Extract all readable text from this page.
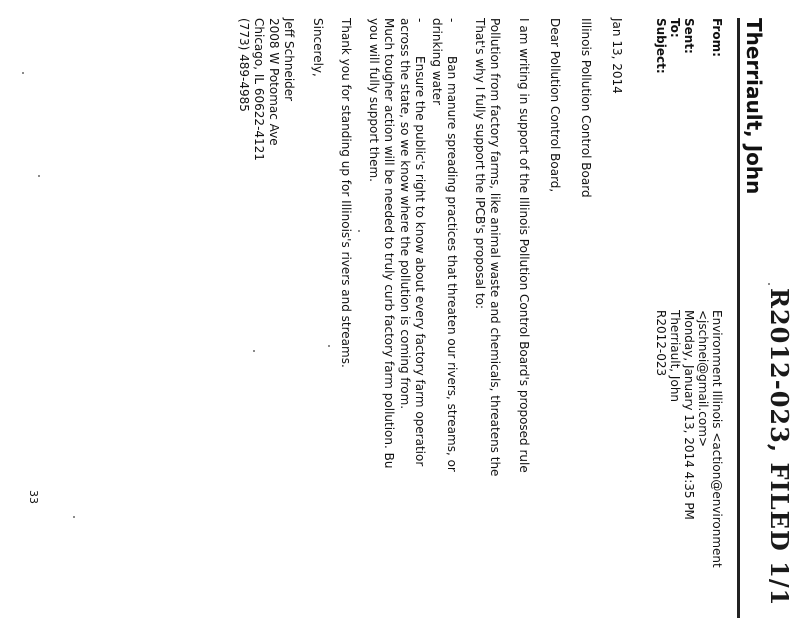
R2012-023, FILED 1/1
Therriault, John
From:
Environment Illinois <action@environment
<jschnei@gmail.com>
Sent:
Monday, January 13, 2014 4:35 PM
To:
Therriault, John
Subject:
R2012-023
Jan 13, 2014
Illinois Pollution Control Board
Dear Pollution Control Board,
I am writing in support of the Illinois Pollution Control Board's proposed rule
Pollution from factory farms, like animal waste and chemicals, threatens the
That's why I fully support the IPCB's proposal to:
-
Ban manure spreading practices that threaten our rivers, streams, or
drinking water
-
Ensure the public's right to know about every factory farm operatior
across the state, so we know where the pollution is coming from.
Much tougher action will be needed to truly curb factory farm pollution. Bu
you will fully support them.
Thank you for standing up for Illinois's rivers and streams.
Sincerely,
Jeff Schneider
2008 W Potomac Ave
Chicago, IL 60622-4121
(773) 489-4985
33
